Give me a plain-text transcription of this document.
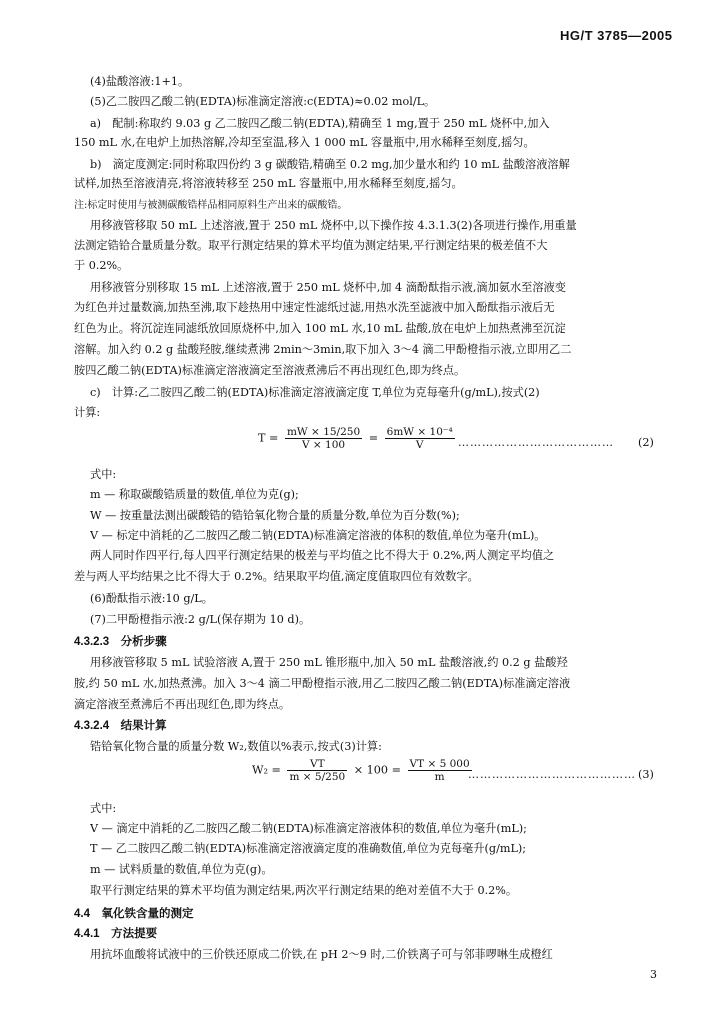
HG/T 3785—2005
(4)盐酸溶液:1+1。
(5)乙二胺四乙酸二钠(EDTA)标准滴定溶液:c(EDTA)≈0.02 mol/L。
a)　配制:称取约 9.03 g 乙二胺四乙酸二钠(EDTA),精确至 1 mg,置于 250 mL 烧杯中,加入
150 mL 水,在电炉上加热溶解,冷却至室温,移入 1 000 mL 容量瓶中,用水稀释至刻度,摇匀。
b)　滴定度测定:同时称取四份约 3 g 碳酸锆,精确至 0.2 mg,加少量水和约 10 mL 盐酸溶液溶解
试样,加热至溶液清亮,将溶液转移至 250 mL 容量瓶中,用水稀释至刻度,摇匀。
注:标定时使用与被测碳酸锆样品相同原料生产出来的碳酸锆。
用移液管移取 50 mL 上述溶液,置于 250 mL 烧杯中,以下操作按 4.3.1.3(2)各项进行操作,用重量
法测定锆铪合量质量分数。取平行测定结果的算术平均值为测定结果,平行测定结果的极差值不大
于 0.2%。
用移液管分别移取 15 mL 上述溶液,置于 250 mL 烧杯中,加 4 滴酚酞指示液,滴加氨水至溶液变
为红色并过量数滴,加热至沸,取下趁热用中速定性滤纸过滤,用热水洗至滤液中加入酚酞指示液后无
红色为止。将沉淀连同滤纸放回原烧杯中,加入 100 mL 水,10 mL 盐酸,放在电炉上加热煮沸至沉淀
溶解。加入约 0.2 g 盐酸羟胺,继续煮沸 2min～3min,取下加入 3～4 滴二甲酚橙指示液,立即用乙二
胺四乙酸二钠(EDTA)标准滴定溶液滴定至溶液煮沸后不再出现红色,即为终点。
c)　计算:乙二胺四乙酸二钠(EDTA)标准滴定溶液滴定度 T,单位为克每毫升(g/mL),按式(2)
计算:
$T = \frac{mW \times 15/250}{V \times 100} = \frac{\text{6mW × 10⁻⁴}}{V}$ ………………………………… (2)
式中:
m — 称取碳酸锆质量的数值,单位为克(g);
W — 按重量法测出碳酸锆的锆铪氧化物合量的质量分数,单位为百分数(%);
V — 标定中消耗的乙二胺四乙酸二钠(EDTA)标准滴定溶液的体积的数值,单位为毫升(mL)。
两人同时作四平行,每人四平行测定结果的极差与平均值之比不得大于 0.2%,两人测定平均值之
差与两人平均结果之比不得大于 0.2%。结果取平均值,滴定度值取四位有效数字。
(6)酚酞指示液:10 g/L。
(7)二甲酚橙指示液:2 g/L(保存期为 10 d)。
4.3.2.3　分析步骤
用移液管移取 5 mL 试验溶液 A,置于 250 mL 锥形瓶中,加入 50 mL 盐酸溶液,约 0.2 g 盐酸羟
胺,约 50 mL 水,加热煮沸。加入 3～4 滴二甲酚橙指示液,用乙二胺四乙酸二钠(EDTA)标准滴定溶液
滴定溶液至煮沸后不再出现红色,即为终点。
4.3.2.4　结果计算
锆铪氧化物合量的质量分数 W₂,数值以%表示,按式(3)计算:
$W_2 = \frac{VT}{m \times 5/250} \times 100 = \frac{VT \times 5 000}{m}$
…………………………………… (3)
式中:
V — 滴定中消耗的乙二胺四乙酸二钠(EDTA)标准滴定溶液体积的数值,单位为毫升(mL);
T — 乙二胺四乙酸二钠(EDTA)标准滴定溶液滴定度的准确数值,单位为克每毫升(g/mL);
m — 试料质量的数值,单位为克(g)。
取平行测定结果的算术平均值为测定结果,两次平行测定结果的绝对差值不大于 0.2%。
4.4　氧化铁含量的测定
4.4.1　方法提要
用抗坏血酸将试液中的三价铁还原成二价铁,在 pH 2～9 时,二价铁离子可与邻菲啰啉生成橙红
3
